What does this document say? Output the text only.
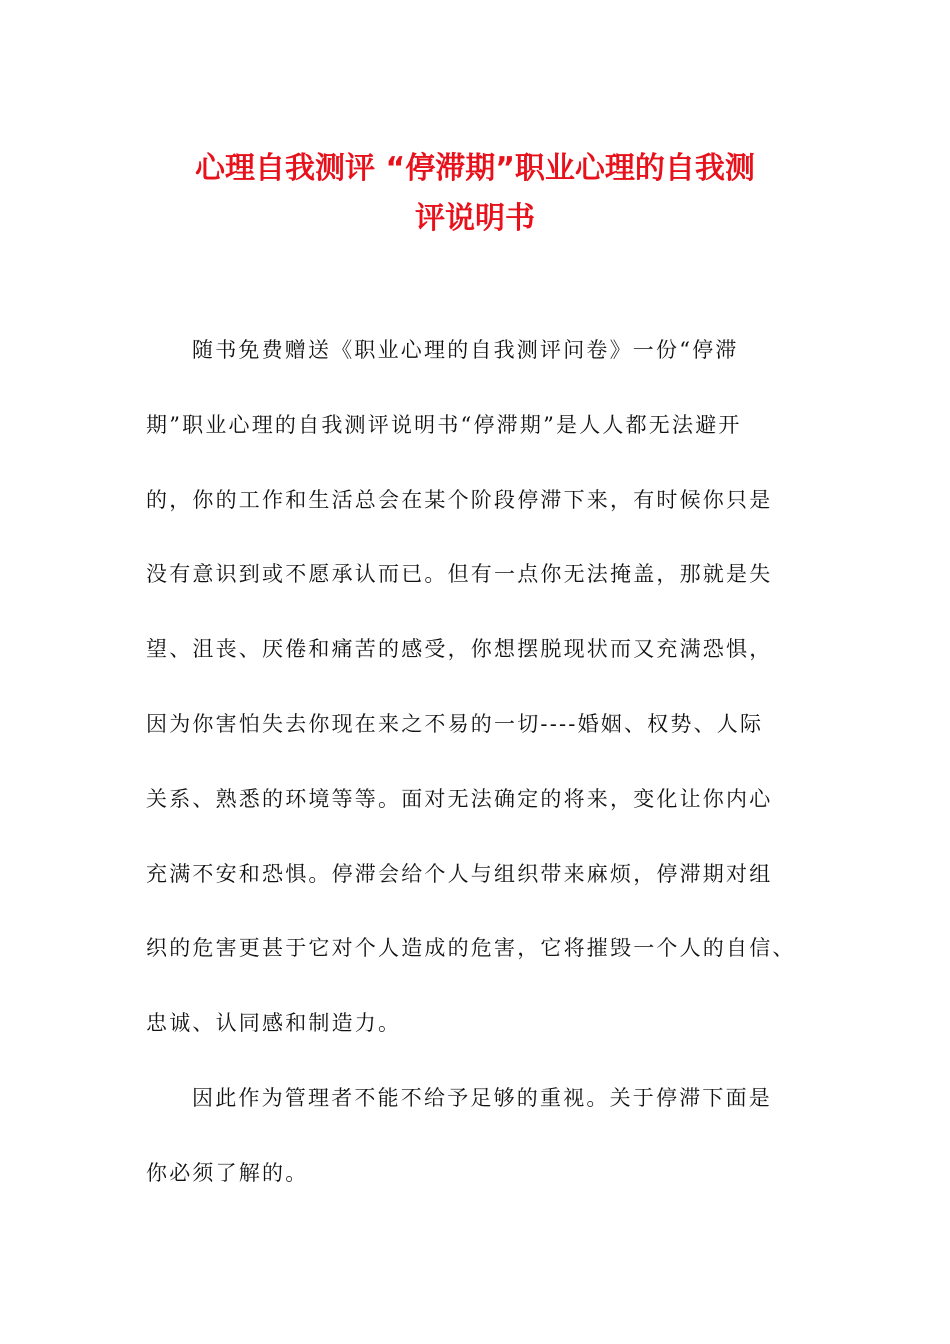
心理自我测评 “停滞期”职业心理的自我测
评说明书
随书免费赠送《职业心理的自我测评问卷》一份“停滞
期”职业心理的自我测评说明书“停滞期”是人人都无法避开
的，你的工作和生活总会在某个阶段停滞下来，有时候你只是
没有意识到或不愿承认而已。但有一点你无法掩盖，那就是失
望、沮丧、厌倦和痛苦的感受，你想摆脱现状而又充满恐惧，
因为你害怕失去你现在来之不易的一切----婚姻、权势、人际
关系、熟悉的环境等等。面对无法确定的将来，变化让你内心
充满不安和恐惧。停滞会给个人与组织带来麻烦，停滞期对组
织的危害更甚于它对个人造成的危害，它将摧毁一个人的自信、
忠诚、认同感和制造力。
因此作为管理者不能不给予足够的重视。关于停滞下面是
你必须了解的。
